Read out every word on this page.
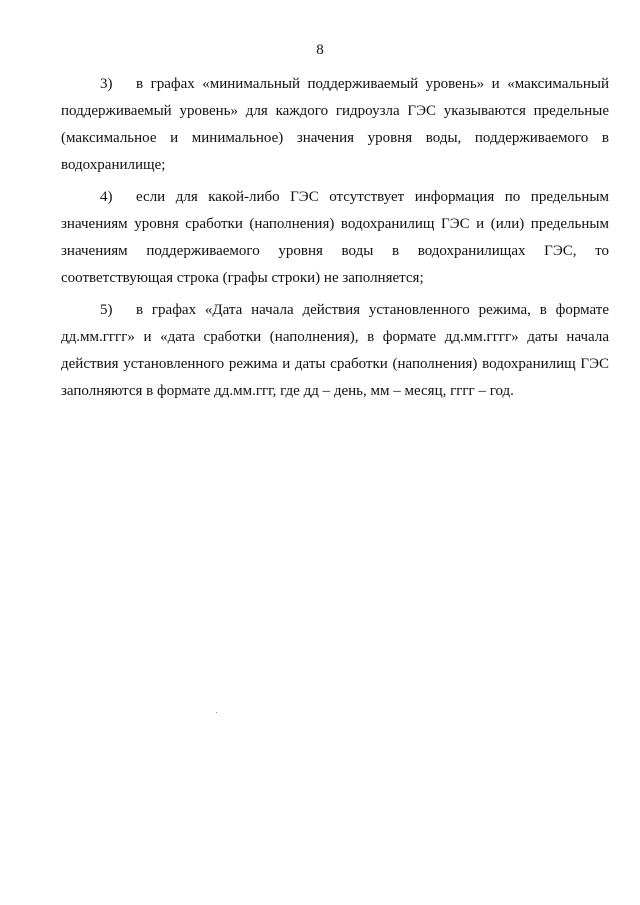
8

3) в графах «минимальный поддерживаемый уровень» и «максимальный поддерживаемый уровень» для каждого гидроузла ГЭС указываются предельные (максимальное и минимальное) значения уровня воды, поддерживаемого в водохранилище;

4) если для какой-либо ГЭС отсутствует информация по предельным значениям уровня сработки (наполнения) водохранилищ ГЭС и (или) предельным значениям поддерживаемого уровня воды в водохранилищах ГЭС, то соответствующая строка (графы строки) не заполняется;

5) в графах «Дата начала действия установленного режима, в формате дд.мм.гггг» и «дата сработки (наполнения), в формате дд.мм.гггг» даты начала действия установленного режима и даты сработки (наполнения) водохранилищ ГЭС заполняются в формате дд.мм.ггг, где дд – день, мм – месяц, гггг – год.
